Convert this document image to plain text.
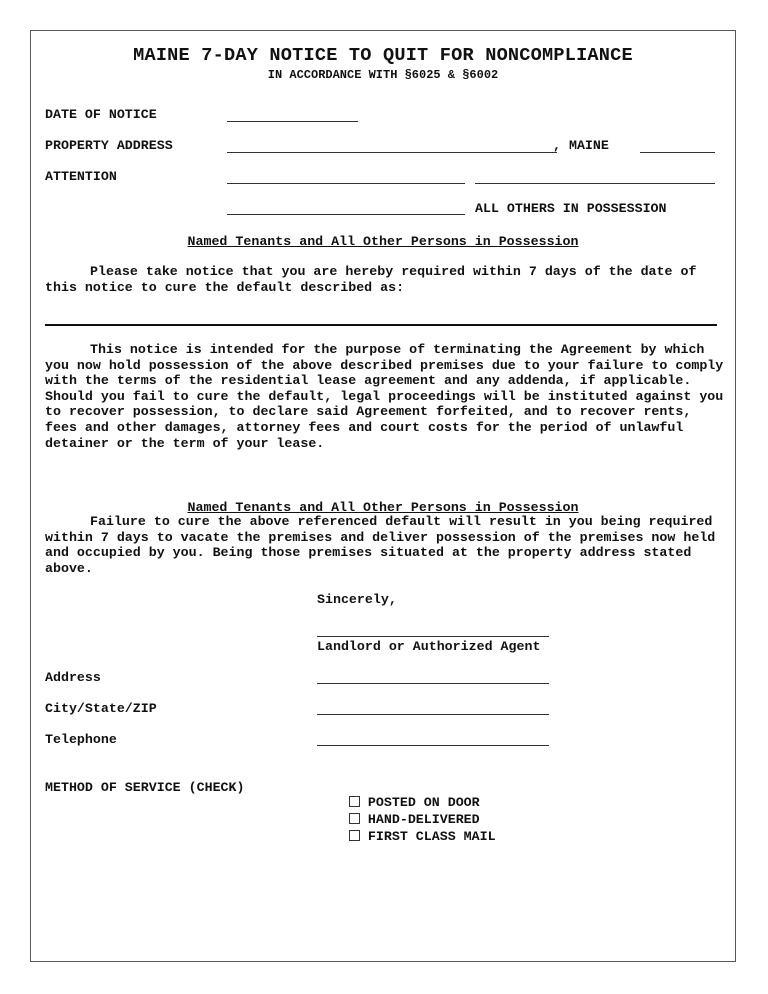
MAINE 7-DAY NOTICE TO QUIT FOR NONCOMPLIANCE
IN ACCORDANCE WITH §6025 & §6002
DATE OF NOTICE
PROPERTY ADDRESS	, MAINE
ATTENTION
ALL OTHERS IN POSSESSION
Named Tenants and All Other Persons in Possession

Please take notice that you are hereby required within 7 days of the date of this notice to cure the default described as:

This notice is intended for the purpose of terminating the Agreement by which you now hold possession of the above described premises due to your failure to comply with the terms of the residential lease agreement and any addenda, if applicable. Should you fail to cure the default, legal proceedings will be instituted against you to recover possession, to declare said Agreement forfeited, and to recover rents, fees and other damages, attorney fees and court costs for the period of unlawful detainer or the term of your lease.

Named Tenants and All Other Persons in Possession

Failure to cure the above referenced default will result in you being required within 7 days to vacate the premises and deliver possession of the premises now held and occupied by you. Being those premises situated at the property address stated above.

Sincerely,
Landlord or Authorized Agent
Address
City/State/ZIP
Telephone
METHOD OF SERVICE (CHECK)

POSTED ON DOOR

HAND-DELIVERED

FIRST CLASS MAIL
